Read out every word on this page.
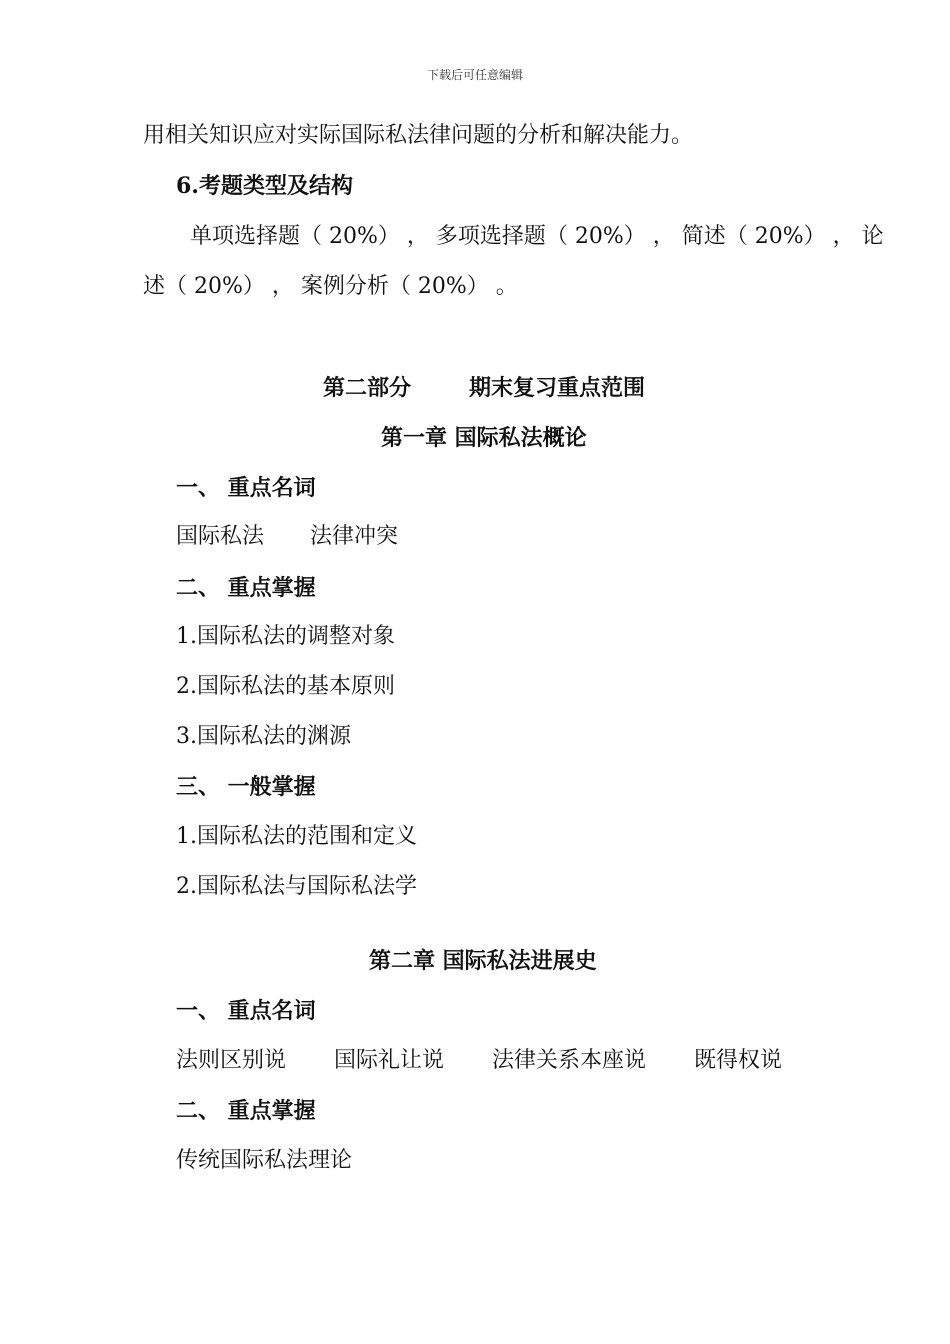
下载后可任意编辑
用相关知识应对实际国际私法律问题的分析和解决能力。
6.考题类型及结构
单项选择题（ 20%） ， 多项选择题（ 20%） ， 简述（ 20%） ， 论
述（ 20%） ， 案例分析（ 20%） 。
第二部分	期末复习重点范围
第一章 国际私法概论
一、 重点名词
国际私法 法律冲突
二、 重点掌握
1.国际私法的调整对象
2.国际私法的基本原则
3.国际私法的渊源
三、 一般掌握
1.国际私法的范围和定义
2.国际私法与国际私法学
第二章 国际私法进展史
一、 重点名词
法则区别说 国际礼让说 法律关系本座说 既得权说
二、 重点掌握
传统国际私法理论
